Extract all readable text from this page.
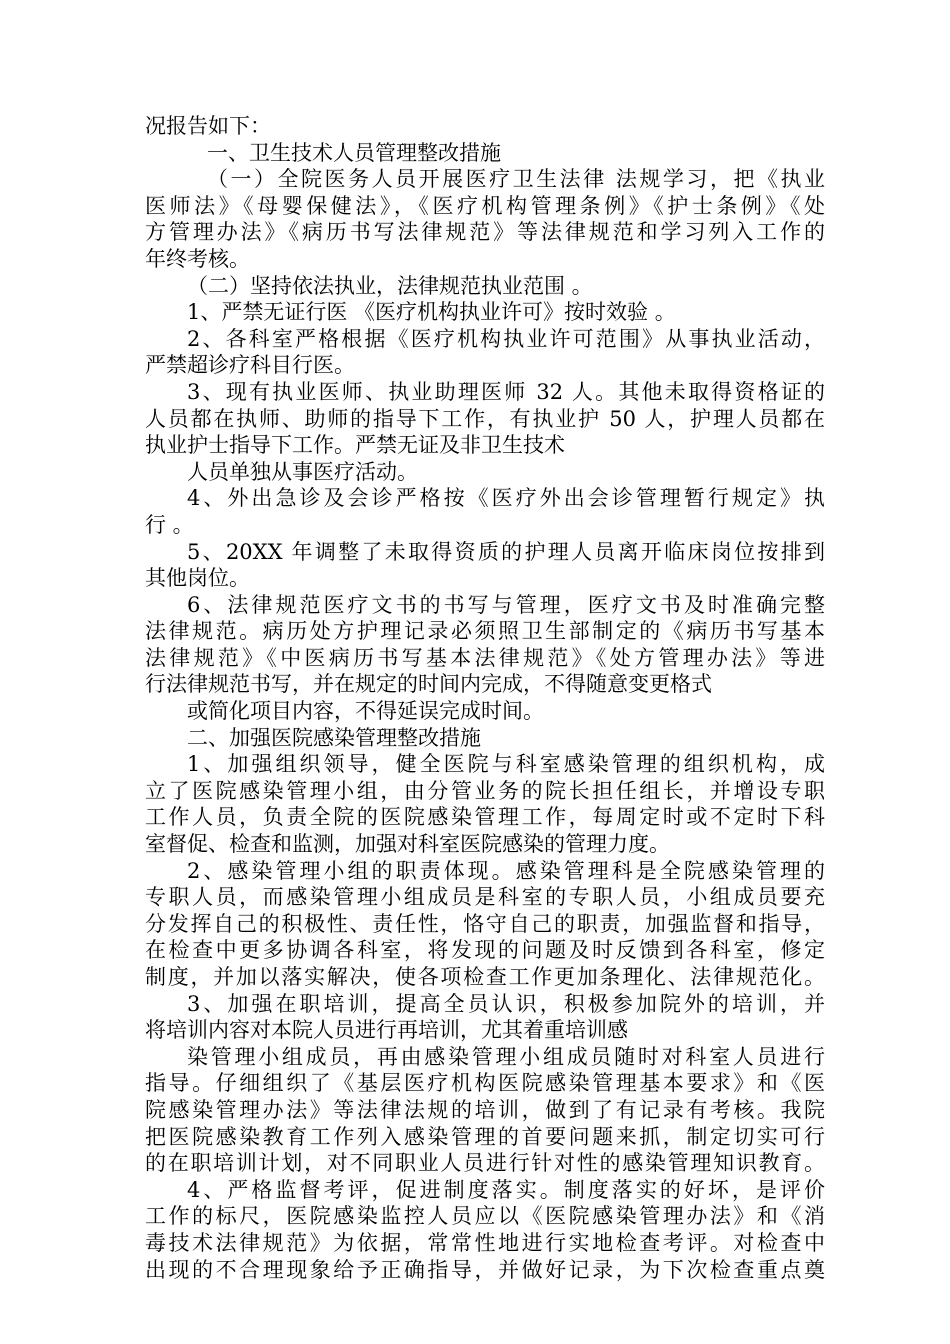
况报告如下：
一、卫生技术人员管理整改措施
（一）全院医务人员开展医疗卫生法律 法规学习，把《执业
医师法》《母婴保健法》，《医疗机构管理条例》《护士条例》《处
方管理办法》《病历书写法律规范》等法律规范和学习列入工作的
年终考核。
（二）坚持依法执业，法律规范执业范围 。
1、严禁无证行医 《医疗机构执业许可》按时效验 。
2、各科室严格根据《医疗机构执业许可范围》从事执业活动，
严禁超诊疗科目行医。
3、现有执业医师、执业助理医师 32 人。其他未取得资格证的
人员都在执师、助师的指导下工作，有执业护 50 人，护理人员都在
执业护士指导下工作。严禁无证及非卫生技术
人员单独从事医疗活动。
4、外出急诊及会诊严格按《医疗外出会诊管理暂行规定》执
行 。
5、20XX 年调整了未取得资质的护理人员离开临床岗位按排到
其他岗位。
6、法律规范医疗文书的书写与管理，医疗文书及时准确完整
法律规范。病历处方护理记录必须照卫生部制定的《病历书写基本
法律规范》《中医病历书写基本法律规范》《处方管理办法》等进
行法律规范书写，并在规定的时间内完成，不得随意变更格式
或简化项目内容，不得延误完成时间。
二、加强医院感染管理整改措施
1、加强组织领导，健全医院与科室感染管理的组织机构，成
立了医院感染管理小组，由分管业务的院长担任组长，并增设专职
工作人员，负责全院的医院感染管理工作，每周定时或不定时下科
室督促、检查和监测，加强对科室医院感染的管理力度。
2、感染管理小组的职责体现。感染管理科是全院感染管理的
专职人员，而感染管理小组成员是科室的专职人员，小组成员要充
分发挥自己的积极性、责任性，恪守自己的职责，加强监督和指导，
在检查中更多协调各科室，将发现的问题及时反馈到各科室，修定
制度，并加以落实解决，使各项检查工作更加条理化、法律规范化。
3、加强在职培训，提高全员认识，积极参加院外的培训，并
将培训内容对本院人员进行再培训，尤其着重培训感
染管理小组成员，再由感染管理小组成员随时对科室人员进行
指导。仔细组织了《基层医疗机构医院感染管理基本要求》和《医
院感染管理办法》等法律法规的培训，做到了有记录有考核。我院
把医院感染教育工作列入感染管理的首要问题来抓，制定切实可行
的在职培训计划，对不同职业人员进行针对性的感染管理知识教育。
4、严格监督考评，促进制度落实。制度落实的好坏，是评价
工作的标尺，医院感染监控人员应以《医院感染管理办法》和《消
毒技术法律规范》为依据，常常性地进行实地检查考评。对检查中
出现的不合理现象给予正确指导，并做好记录，为下次检查重点奠
